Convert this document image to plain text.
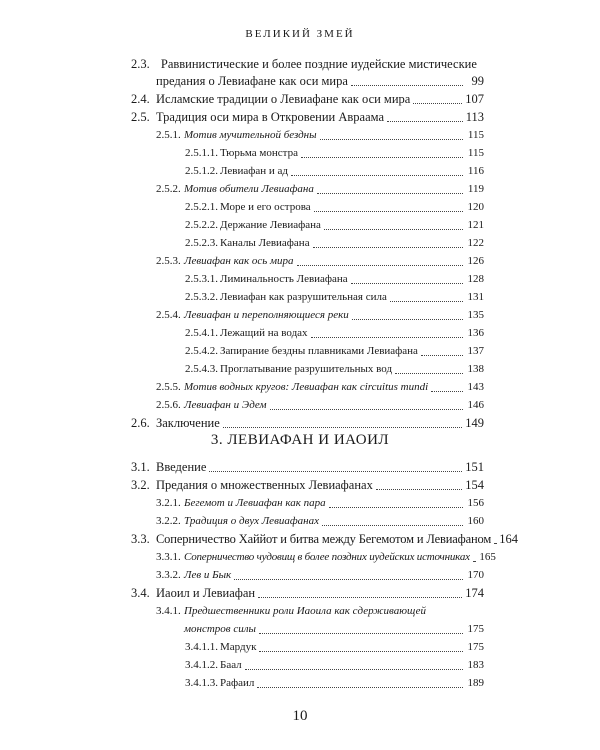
ВЕЛИКИЙ ЗМЕЙ
2.3. Раввинистические и более поздние иудейские мистические
предания о Левиафане как оси мира	99
2.4. Исламские традиции о Левиафане как оси мира	107
2.5. Традиция оси мира в Откровении Авраама	113
2.5.1. Мотив мучительной бездны	115
2.5.1.1. Тюрьма монстра	115
2.5.1.2. Левиафан и ад	116
2.5.2. Мотив обители Левиафана	119
2.5.2.1. Море и его острова	120
2.5.2.2. Держание Левиафана	121
2.5.2.3. Каналы Левиафана	122
2.5.3. Левиафан как ось мира	126
2.5.3.1. Лиминальность Левиафана	128
2.5.3.2. Левиафан как разрушительная сила	131
2.5.4. Левиафан и переполняющиеся реки	135
2.5.4.1. Лежащий на водах	136
2.5.4.2. Запирание бездны плавниками Левиафана	137
2.5.4.3. Проглатывание разрушительных вод	138
2.5.5. Мотив водных кругов: Левиафан как circuitus mundi	143
2.5.6. Левиафан и Эдем	146
2.6. Заключение	149
3. ЛЕВИАФАН И ИАОИЛ
3.1. Введение	151
3.2. Предания о множественных Левиафанах	154
3.2.1. Бегемот и Левиафан как пара	156
3.2.2. Традиция о двух Левиафанах	160
3.3. Соперничество Хаййот и битва между Бегемотом и Левиафаном 164
3.3.1. Соперничество чудовищ в более поздних иудейских источниках 165
3.3.2. Лев и Бык	170
3.4. Иаоил и Левиафан	174
3.4.1. Предшественники роли Иаоила как сдерживающей
монстров силы	175
3.4.1.1. Мардук	175
3.4.1.2. Баал	183
3.4.1.3. Рафаил	189
10
